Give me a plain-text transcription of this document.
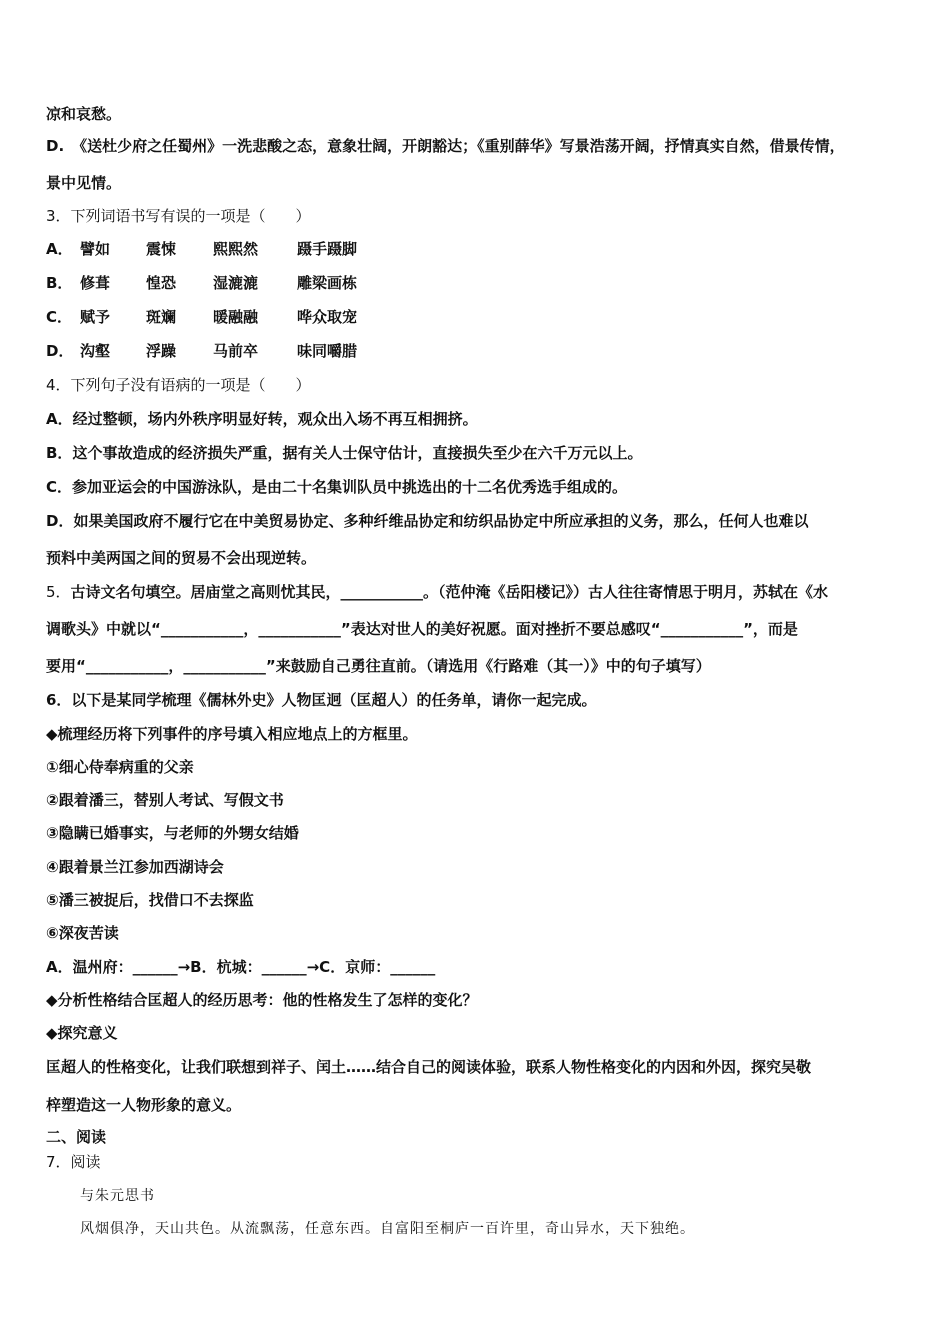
凉和哀愁。
D. 《送杜少府之任蜀州》一洗悲酸之态，意象壮阔，开朗豁达；《重别薛华》写景浩荡开阔，抒情真实自然，借景传情，
景中见情。
3．下列词语书写有误的一项是（　　）
A． 譬如 震悚 熙熙然	蹑手蹑脚
B． 修葺 惶恐 湿漉漉	雕梁画栋
C． 赋予 斑斓 暖融融	哗众取宠
D． 沟壑 浮躁 马前卒	味同嚼腊
4．下列句子没有语病的一项是（　　）
A．经过整顿，场内外秩序明显好转，观众出入场不再互相拥挤。
B．这个事故造成的经济损失严重，据有关人士保守估计，直接损失至少在六千万元以上。
C．参加亚运会的中国游泳队，是由二十名集训队员中挑选出的十二名优秀选手组成的。
D．如果美国政府不履行它在中美贸易协定、多种纤维品协定和纺织品协定中所应承担的义务，那么，任何人也难以
预料中美两国之间的贸易不会出现逆转。
5．古诗文名句填空。居庙堂之高则忧其民，___________。（范仲淹《岳阳楼记》）古人往往寄情思于明月，苏轼在《水
调歌头》中就以“___________，___________”表达对世人的美好祝愿。面对挫折不要总感叹“___________”，而是
要用“___________，___________”来鼓励自己勇往直前。（请选用《行路难（其一）》中的句子填写）
6．以下是某同学梳理《儒林外史》人物匡迥（匡超人）的任务单，请你一起完成。
◆梳理经历将下列事件的序号填入相应地点上的方框里。
①细心侍奉病重的父亲
②跟着潘三，替别人考试、写假文书
③隐瞒已婚事实，与老师的外甥女结婚
④跟着景兰江参加西湖诗会
⑤潘三被捉后，找借口不去探监
⑥深夜苦读
A．温州府：______→B．杭城：______→C．京师：______
◆分析性格结合匡超人的经历思考：他的性格发生了怎样的变化？
◆探究意义
匡超人的性格变化，让我们联想到祥子、闰土……结合自己的阅读体验，联系人物性格变化的内因和外因，探究吴敬
梓塑造这一人物形象的意义。
二、阅读
7．阅读
与朱元思书
风烟俱净，天山共色。从流飘荡，任意东西。自富阳至桐庐一百许里，奇山异水，天下独绝。
